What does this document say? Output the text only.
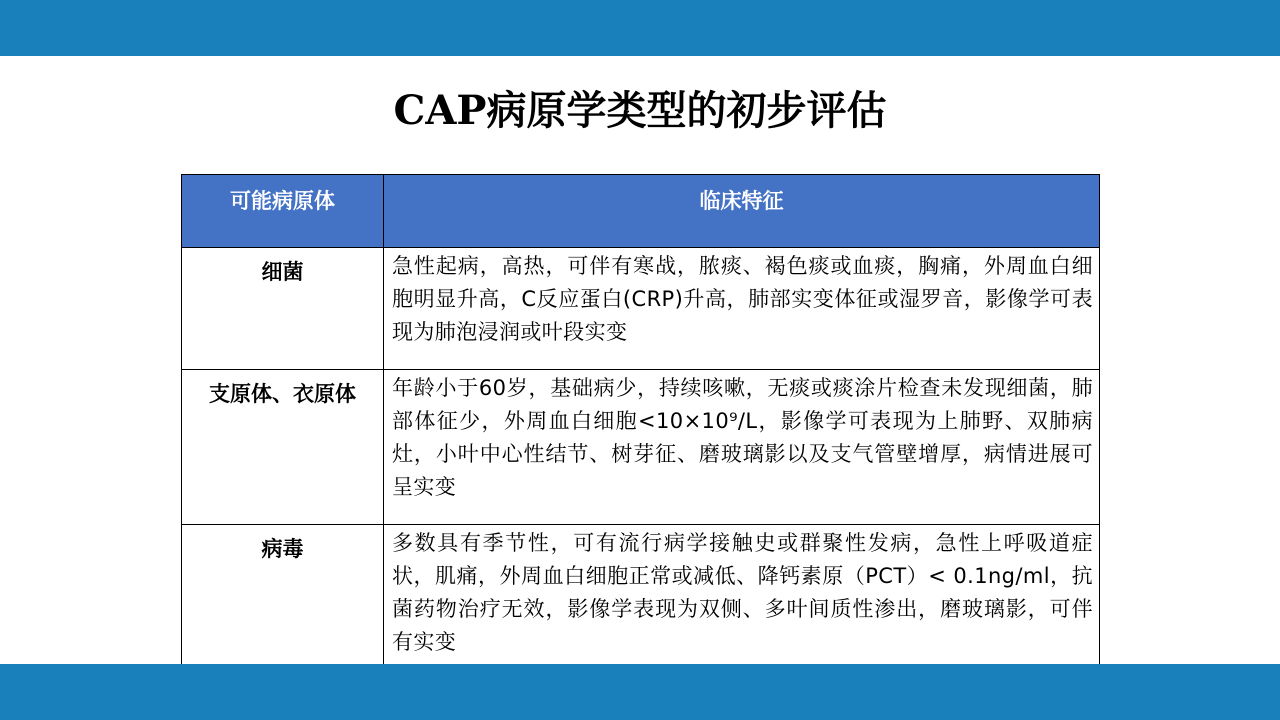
CAP病原学类型的初步评估
可能病原体	临床特征
细菌	急性起病，高热，可伴有寒战，脓痰、褐色痰或血痰，胸痛，外周血白细胞明显升高，C反应蛋白(CRP)升高，肺部实变体征或湿罗音，影像学可表现为肺泡浸润或叶段实变
支原体、衣原体	年龄小于60岁，基础病少，持续咳嗽，无痰或痰涂片检查未发现细菌，肺部体征少，外周血白细胞<10×10⁹/L，影像学可表现为上肺野、双肺病灶，小叶中心性结节、树芽征、磨玻璃影以及支气管壁增厚，病情进展可呈实变
病毒	多数具有季节性，可有流行病学接触史或群聚性发病，急性上呼吸道症状，肌痛，外周血白细胞正常或减低、降钙素原（PCT）< 0.1ng/ml，抗菌药物治疗无效，影像学表现为双侧、多叶间质性渗出，磨玻璃影，可伴有实变
